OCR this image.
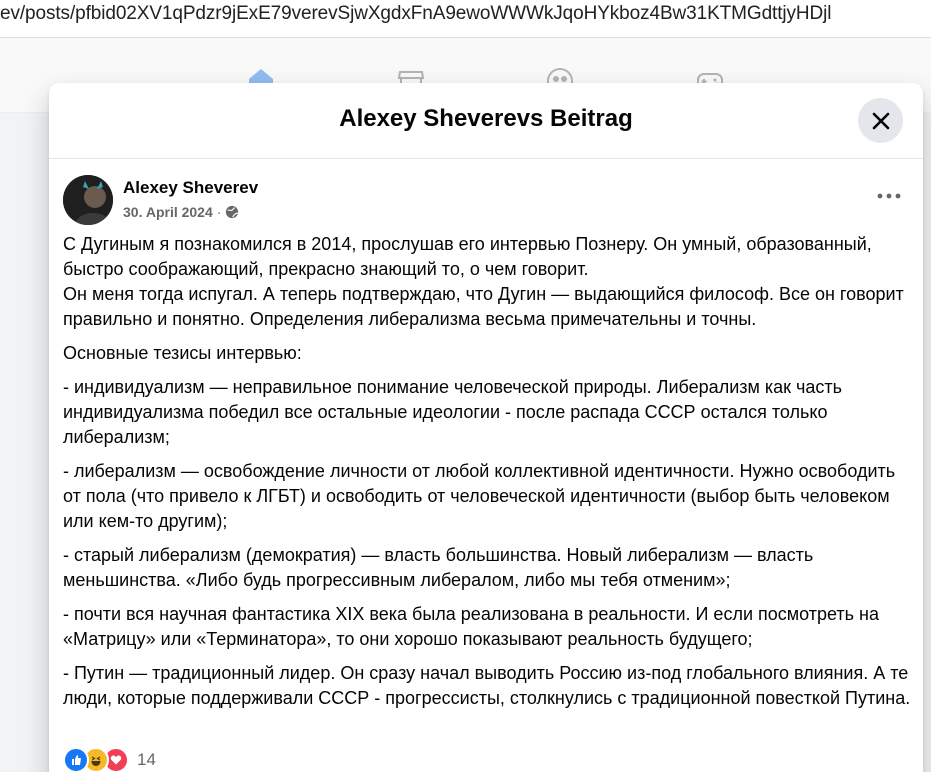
ev/posts/pfbid02XV1qPdzr9jExE79verevSjwXgdxFnA9ewoWWWkJqoHYkboz4Bw31KTMGdttjyHDjl
Alexey Sheverevs Beitrag
Alexey Sheverev
30. April 2024 ·
С Дугиным я познакомился в 2014, прослушав его интервью Познеру. Он умный, образованный, быстро соображающий, прекрасно знающий то, о чем говорит.
Он меня тогда испугал. А теперь подтверждаю, что Дугин — выдающийся философ. Все он говорит правильно и понятно. Определения либерализма весьма примечательны и точны.
Основные тезисы интервью:
- индивидуализм — неправильное понимание человеческой природы. Либерализм как часть индивидуализма победил все остальные идеологии - после распада СССР остался только либерализм;
- либерализм — освобождение личности от любой коллективной идентичности. Нужно освободить от пола (что привело к ЛГБТ) и освободить от человеческой идентичности (выбор быть человеком или кем-то другим);
- старый либерализм (демократия) — власть большинства. Новый либерализм — власть меньшинства. «Либо будь прогрессивным либералом, либо мы тебя отменим»;
- почти вся научная фантастика XIX века была реализована в реальности. И если посмотреть на «Матрицу» или «Терминатора», то они хорошо показывают реальность будущего;
- Путин — традиционный лидер. Он сразу начал выводить Россию из-под глобального влияния. А те люди, которые поддерживали СССР - прогрессисты, столкнулись с традиционной повесткой Путина.
14
